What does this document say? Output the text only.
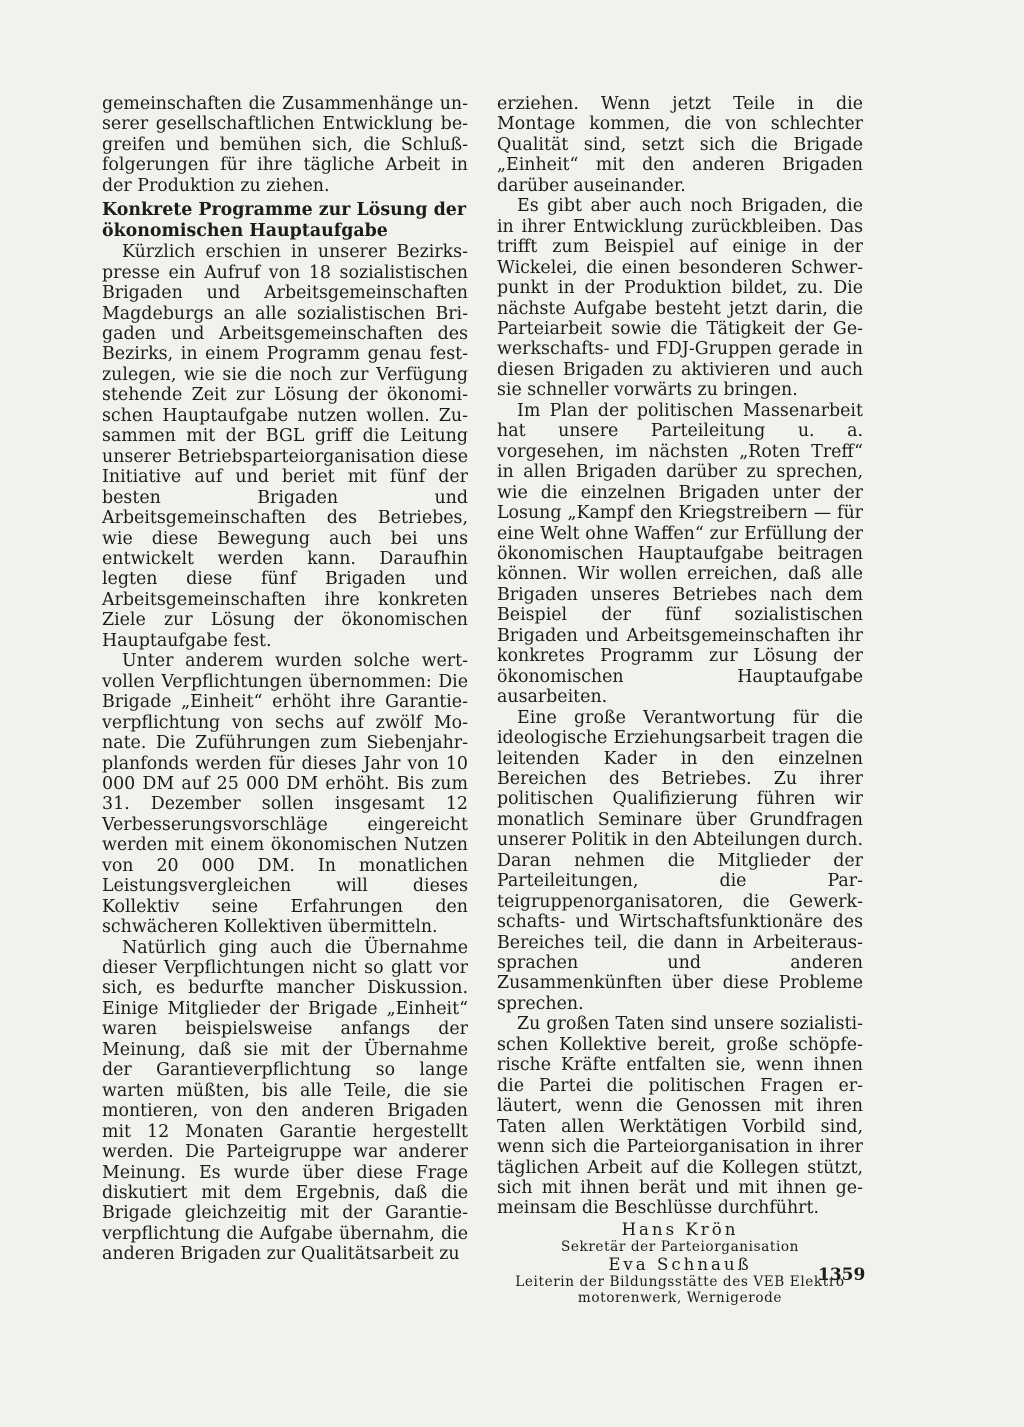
gemeinschaften die Zusammenhänge unserer gesellschaftlichen Entwicklung begreifen und bemühen sich, die Schlußfolgerungen für ihre tägliche Arbeit in der Produktion zu ziehen.

Konkrete Programme zur Lösung der ökonomischen Hauptaufgabe

Kürzlich erschien in unserer Bezirkspresse ein Aufruf von 18 sozialistischen Brigaden und Arbeitsgemeinschaften Magdeburgs an alle sozialistischen Brigaden und Arbeitsgemeinschaften des Bezirks, in einem Programm genau festzulegen, wie sie die noch zur Verfügung stehende Zeit zur Lösung der ökonomischen Hauptaufgabe nutzen wollen. Zusammen mit der BGL griff die Leitung unserer Betriebsparteiorganisation diese Initiative auf und beriet mit fünf der besten Brigaden und Arbeitsgemeinschaften des Betriebes, wie diese Bewegung auch bei uns entwickelt werden kann. Daraufhin legten diese fünf Brigaden und Arbeitsgemeinschaften ihre konkreten Ziele zur Lösung der ökonomischen Hauptaufgabe fest.

Unter anderem wurden solche wertvollen Verpflichtungen übernommen: Die Brigade „Einheit“ erhöht ihre Garantieverpflichtung von sechs auf zwölf Monate. Die Zuführungen zum Siebenjahrplanfonds werden für dieses Jahr von 10 000 DM auf 25 000 DM erhöht. Bis zum 31. Dezember sollen insgesamt 12 Verbesserungsvorschläge eingereicht werden mit einem ökonomischen Nutzen von 20 000 DM. In monatlichen Leistungsvergleichen will dieses Kollektiv seine Erfahrungen den schwächeren Kollektiven übermitteln.

Natürlich ging auch die Übernahme dieser Verpflichtungen nicht so glatt vor sich, es bedurfte mancher Diskussion. Einige Mitglieder der Brigade „Einheit“ waren beispielsweise anfangs der Meinung, daß sie mit der Übernahme der Garantieverpflichtung so lange warten müßten, bis alle Teile, die sie montieren, von den anderen Brigaden mit 12 Monaten Garantie hergestellt werden. Die Parteigruppe war anderer Meinung. Es wurde über diese Frage diskutiert mit dem Ergebnis, daß die Brigade gleichzeitig mit der Garantieverpflichtung die Aufgabe übernahm, die anderen Brigaden zur Qualitätsarbeit zu

erziehen. Wenn jetzt Teile in die Montage kommen, die von schlechter Qualität sind, setzt sich die Brigade „Einheit“ mit den anderen Brigaden darüber auseinander.

Es gibt aber auch noch Brigaden, die in ihrer Entwicklung zurückbleiben. Das trifft zum Beispiel auf einige in der Wickelei, die einen besonderen Schwerpunkt in der Produktion bildet, zu. Die nächste Aufgabe besteht jetzt darin, die Parteiarbeit sowie die Tätigkeit der Gewerkschafts- und FDJ-Gruppen gerade in diesen Brigaden zu aktivieren und auch sie schneller vorwärts zu bringen.

Im Plan der politischen Massenarbeit hat unsere Parteileitung u. a. vorgesehen, im nächsten „Roten Treff“ in allen Brigaden darüber zu sprechen, wie die einzelnen Brigaden unter der Losung „Kampf den Kriegstreibern — für eine Welt ohne Waffen“ zur Erfüllung der ökonomischen Hauptaufgabe beitragen können. Wir wollen erreichen, daß alle Brigaden unseres Betriebes nach dem Beispiel der fünf sozialistischen Brigaden und Arbeitsgemeinschaften ihr konkretes Programm zur Lösung der ökonomischen Hauptaufgabe ausarbeiten.

Eine große Verantwortung für die ideologische Erziehungsarbeit tragen die leitenden Kader in den einzelnen Bereichen des Betriebes. Zu ihrer politischen Qualifizierung führen wir monatlich Seminare über Grundfragen unserer Politik in den Abteilungen durch. Daran nehmen die Mitglieder der Parteileitungen, die Parteigruppenorganisatoren, die Gewerkschafts- und Wirtschaftsfunktionäre des Bereiches teil, die dann in Arbeiteraussprachen und anderen Zusammenkünften über diese Probleme sprechen.

Zu großen Taten sind unsere sozialistischen Kollektive bereit, große schöpferische Kräfte entfalten sie, wenn ihnen die Partei die politischen Fragen erläutert, wenn die Genossen mit ihren Taten allen Werktätigen Vorbild sind, wenn sich die Parteiorganisation in ihrer täglichen Arbeit auf die Kollegen stützt, sich mit ihnen berät und mit ihnen gemeinsam die Beschlüsse durchführt.

Hans Krön
Sekretär der Parteiorganisation
Eva Schnauß
Leiterin der Bildungsstätte des VEB Elektro
motorenwerk, Wernigerode
1359
